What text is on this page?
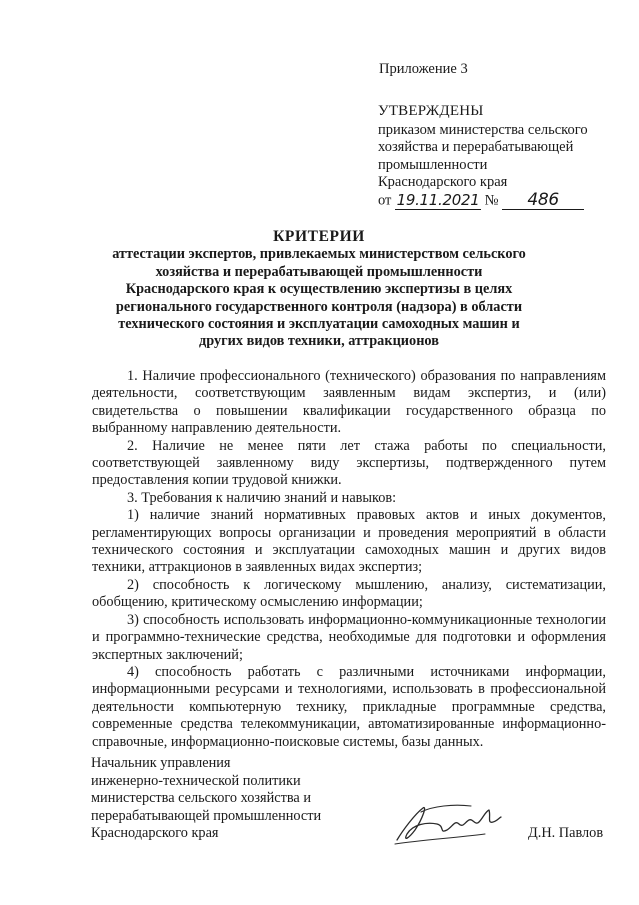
Приложение 3
УТВЕРЖДЕНЫ
приказом министерства сельского
хозяйства и перерабатывающей
промышленности
Краснодарского края
от 19.11.2021 № 486
КРИТЕРИИ
аттестации экспертов, привлекаемых министерством сельского
хозяйства и перерабатывающей промышленности
Краснодарского края к осуществлению экспертизы в целях
регионального государственного контроля (надзора) в области
технического состояния и эксплуатации самоходных машин и
других видов техники, аттракционов

1. Наличие профессионального (технического) образования по направлениям деятельности, соответствующим заявленным видам экспертиз, и (или) свидетельства о повышении квалификации государственного образца по выбранному направлению деятельности.

2. Наличие не менее пяти лет стажа работы по специальности, соответствующей заявленному виду экспертизы, подтвержденного путем предоставления копии трудовой книжки.

3. Требования к наличию знаний и навыков:

1) наличие знаний нормативных правовых актов и иных документов, регламентирующих вопросы организации и проведения мероприятий в области технического состояния и эксплуатации самоходных машин и других видов техники, аттракционов в заявленных видах экспертиз;

2) способность к логическому мышлению, анализу, систематизации, обобщению, критическому осмыслению информации;

3) способность использовать информационно-коммуникационные технологии и программно-технические средства, необходимые для подготовки и оформления экспертных заключений;

4) способность работать с различными источниками информации, информационными ресурсами и технологиями, использовать в профессиональной деятельности компьютерную технику, прикладные программные средства, современные средства телекоммуникации, автоматизированные информационно-справочные, информационно-поисковые системы, базы данных.

Начальник управления
инженерно-технической политики
министерства сельского хозяйства и
перерабатывающей промышленности
Краснодарского края	Д.Н. Павлов
